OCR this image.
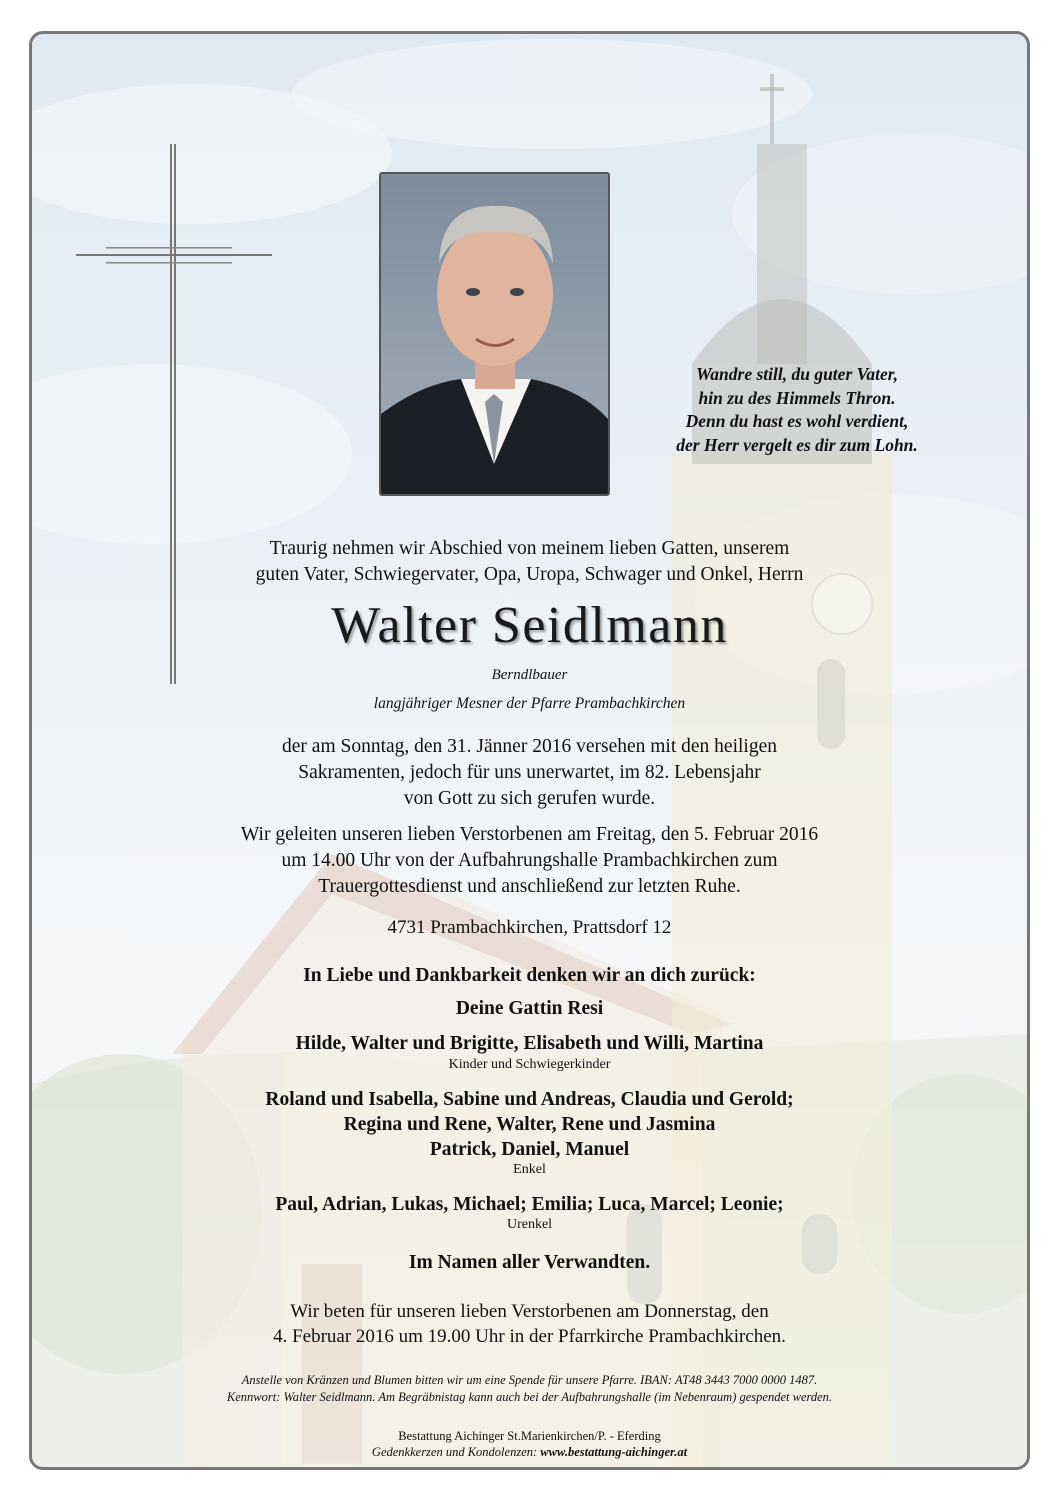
Wandre still, du guter Vater,
hin zu des Himmels Thron.
Denn du hast es wohl verdient,
der Herr vergelt es dir zum Lohn.
Traurig nehmen wir Abschied von meinem lieben Gatten, unserem
guten Vater, Schwiegervater, Opa, Uropa, Schwager und Onkel, Herrn
Walter Seidlmann
Berndlbauer
langjähriger Mesner der Pfarre Prambachkirchen
der am Sonntag, den 31. Jänner 2016 versehen mit den heiligen
Sakramenten, jedoch für uns unerwartet, im 82. Lebensjahr
von Gott zu sich gerufen wurde.
Wir geleiten unseren lieben Verstorbenen am Freitag, den 5. Februar 2016
um 14.00 Uhr von der Aufbahrungshalle Prambachkirchen zum
Trauergottesdienst und anschließend zur letzten Ruhe.
4731 Prambachkirchen, Prattsdorf 12
In Liebe und Dankbarkeit denken wir an dich zurück:
Deine Gattin Resi
Hilde, Walter und Brigitte, Elisabeth und Willi, Martina
Kinder und Schwiegerkinder
Roland und Isabella, Sabine und Andreas, Claudia und Gerold;
Regina und Rene, Walter, Rene und Jasmina
Patrick, Daniel, Manuel
Enkel
Paul, Adrian, Lukas, Michael; Emilia; Luca, Marcel; Leonie;
Urenkel
Im Namen aller Verwandten.
Wir beten für unseren lieben Verstorbenen am Donnerstag, den
4. Februar 2016 um 19.00 Uhr in der Pfarrkirche Prambachkirchen.
Anstelle von Kränzen und Blumen bitten wir um eine Spende für unsere Pfarre. IBAN: AT48 3443 7000 0000 1487.
Kennwort: Walter Seidlmann. Am Begräbnistag kann auch bei der Aufbahrungshalle (im Nebenraum) gespendet werden.
Bestattung Aichinger St.Marienkirchen/P. - Eferding
Gedenkkerzen und Kondolenzen: www.bestattung-aichinger.at
